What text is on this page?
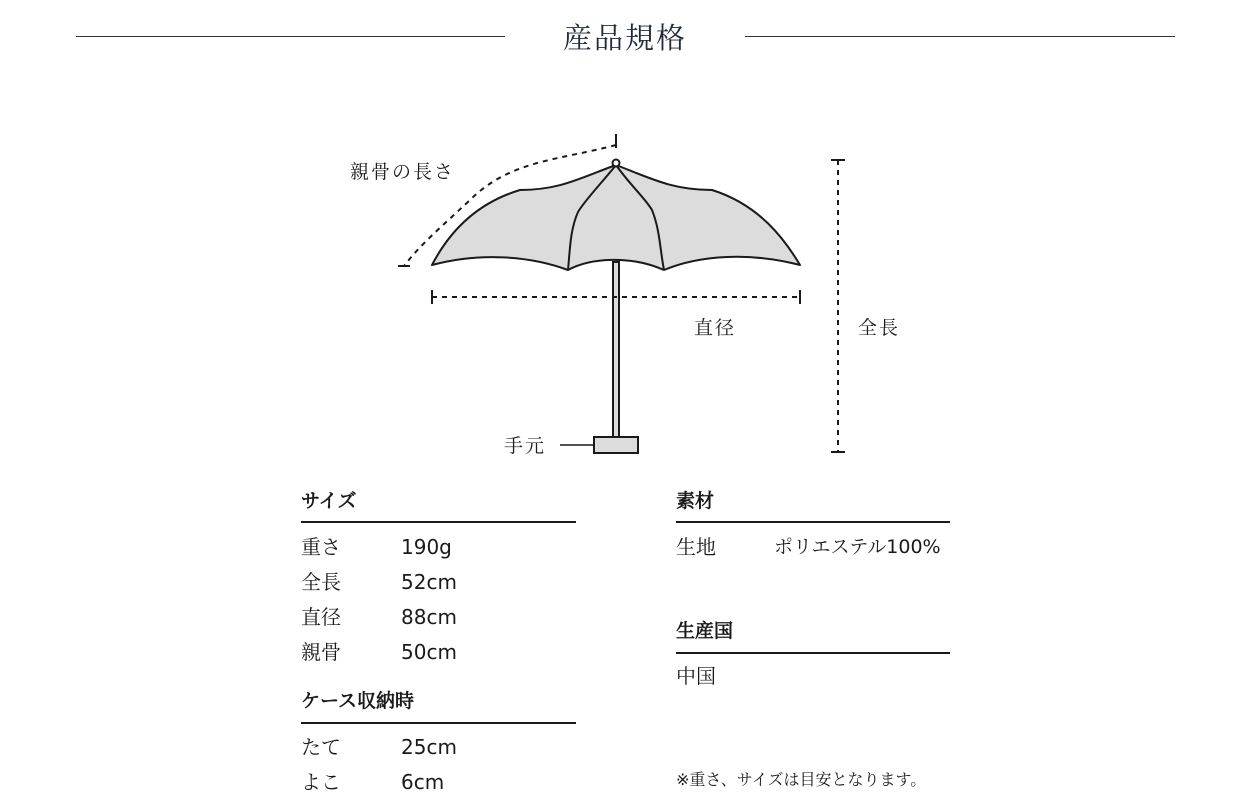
産品規格
親骨の長さ
直径	全長
手元
サイズ
重さ	190g
全長	52cm
直径	88cm
親骨	50cm
ケース収納時
たて	25cm
よこ	6cm
素材
生地	ポリエステル100%
生産国
中国
※重さ、サイズは目安となります。
